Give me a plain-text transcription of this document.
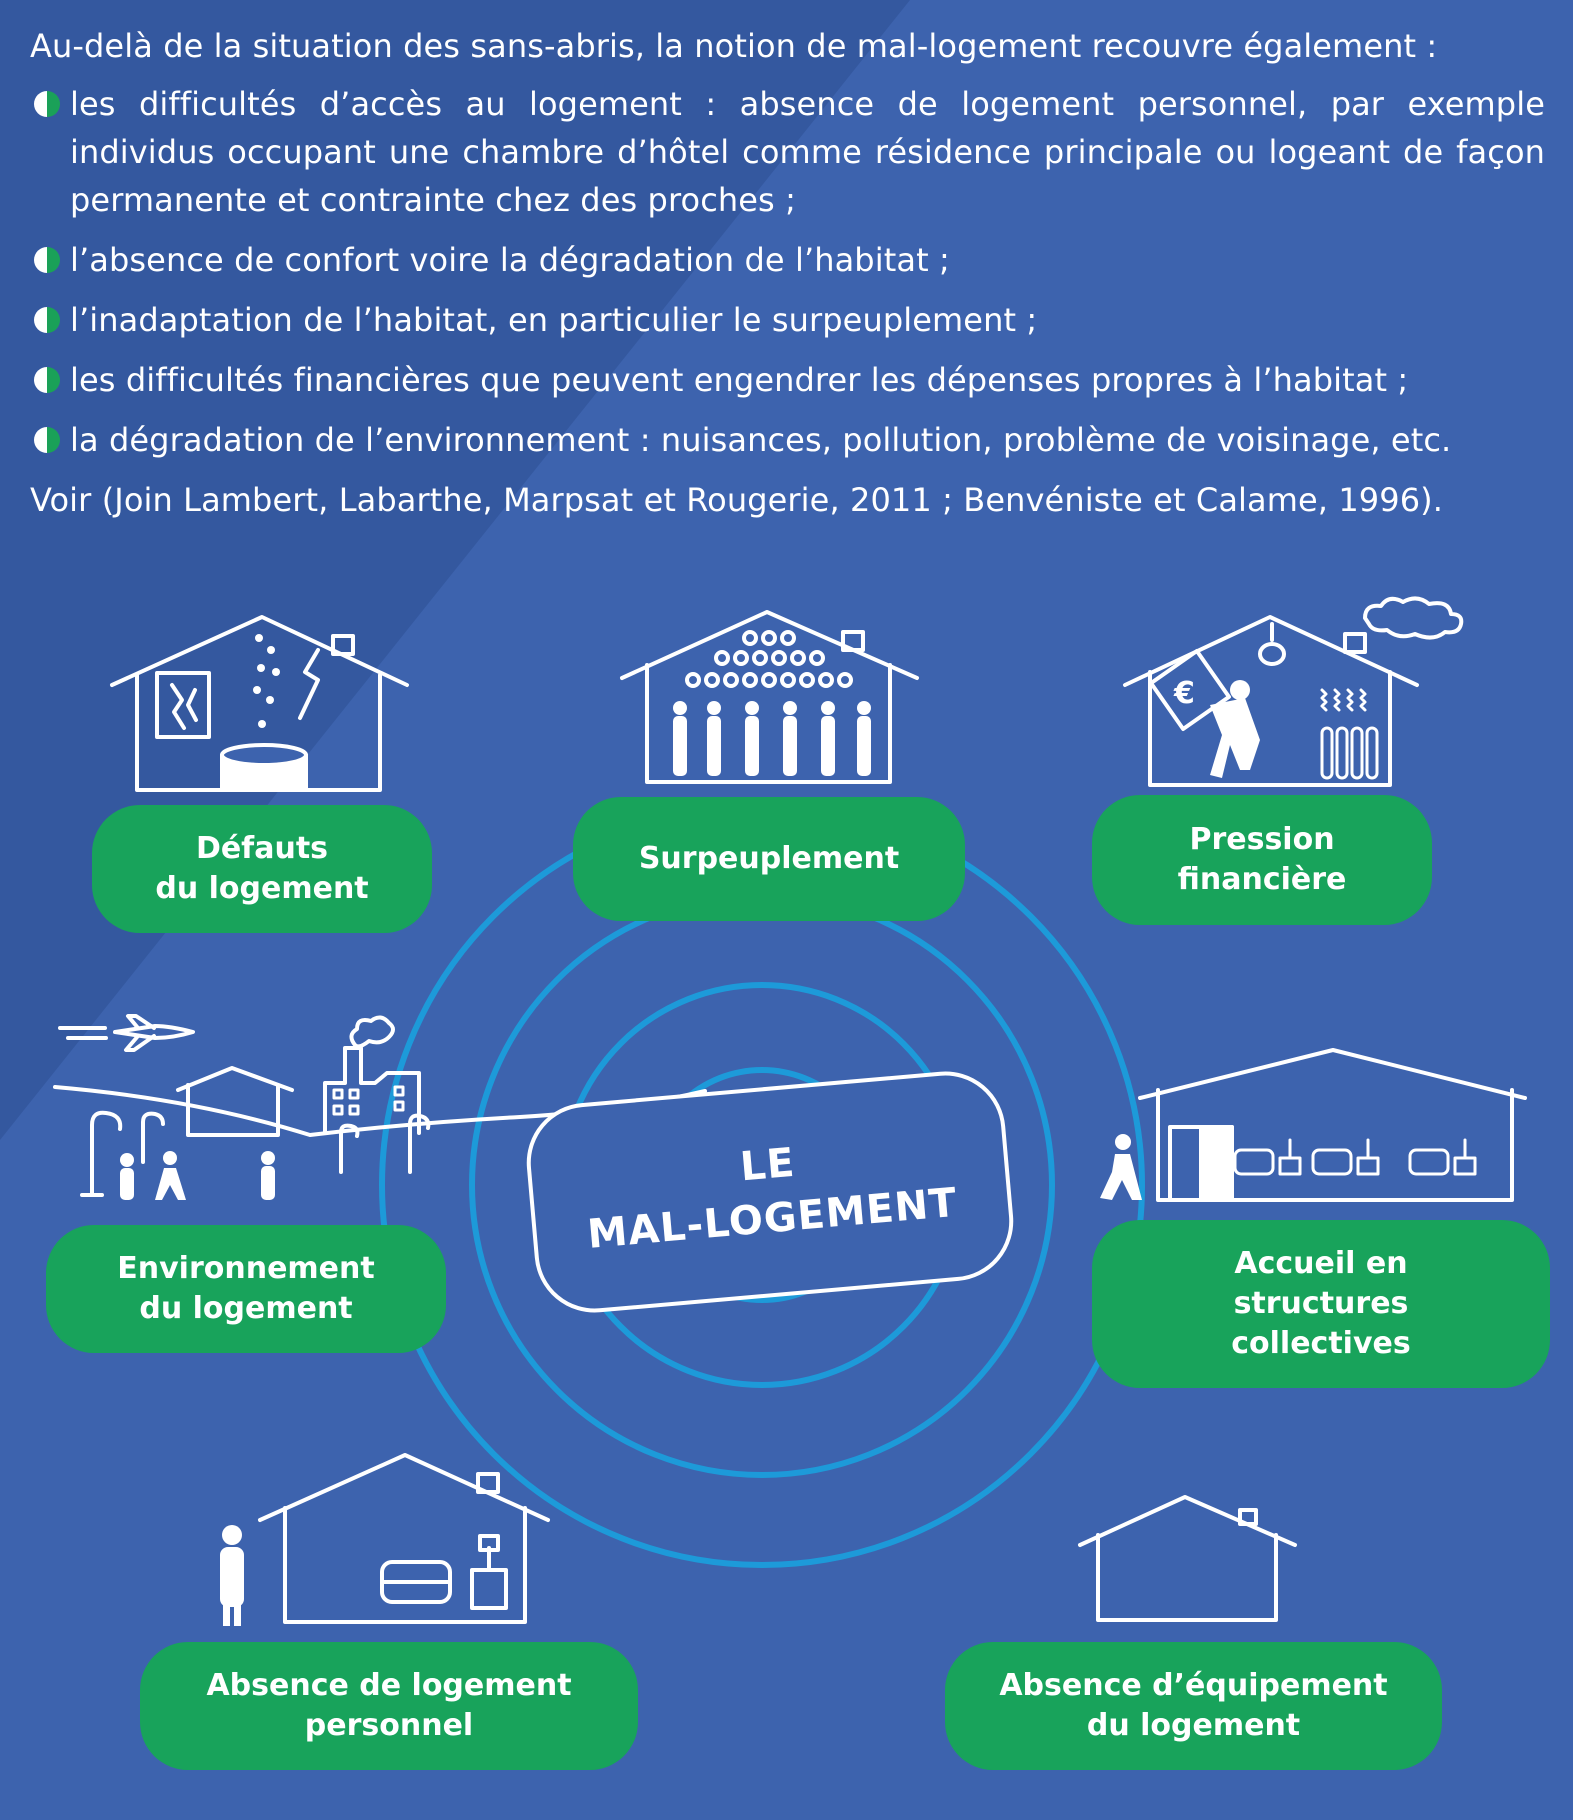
Au-delà de la situation des sans-abris, la notion de mal-logement recouvre également :

les difficultés d’accès au logement : absence de logement personnel, par exemple individus occupant une chambre d’hôtel comme résidence principale ou logeant de façon permanente et contrainte chez des proches ;
l’absence de confort voire la dégradation de l’habitat ;
l’inadaptation de l’habitat, en particulier le surpeuplement ;
les difficultés financières que peuvent engendrer les dépenses propres à l’habitat ;
la dégradation de l’environnement : nuisances, pollution, problème de voisinage, etc.

Voir (Join Lambert, Labarthe, Marpsat et Rougerie, 2011 ; Benvéniste et Calame, 1996).

€
LE
MAL-LOGEMENT
Défauts
du logement
Surpeuplement
Pression
financière
Environnement
du logement
Accueil en
structures
collectives
Absence de logement
personnel
Absence d’équipement
du logement
